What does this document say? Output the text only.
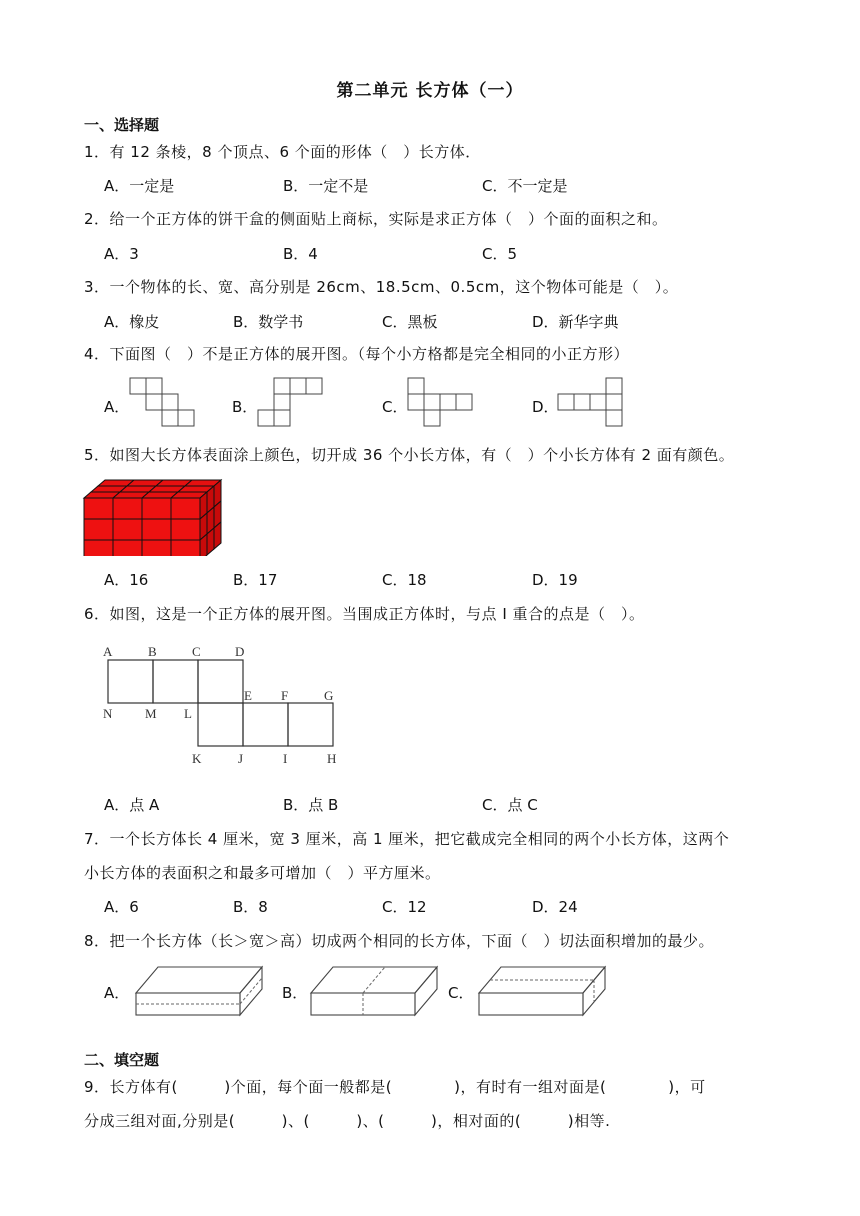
第二单元 长方体（一）
一、选择题
1．有 12 条棱，8 个顶点、6 个面的形体（　）长方体．
A．一定是	B．一定不是	C．不一定是
2．给一个正方体的饼干盒的侧面贴上商标，实际是求正方体（　）个面的面积之和。
A．3	B．4	C．5
3．一个物体的长、宽、高分别是 26cm、18.5cm、0.5cm，这个物体可能是（　）。
A．橡皮	B．数学书	C．黑板	D．新华字典
4．下面图（　）不是正方体的展开图。（每个小方格都是完全相同的小正方形）
A．	B．	C．	D．
5．如图大长方体表面涂上颜色，切开成 36 个小长方体，有（　）个小长方体有 2 面有颜色。
A．16	B．17	C．18	D．19
6．如图，这是一个正方体的展开图。当围成正方体时，与点 I 重合的点是（　）。
A	B	C	D
E F	G
N	M L
K	J	I	H
A．点 A	B．点 B	C．点 C
7．一个长方体长 4 厘米，宽 3 厘米，高 1 厘米，把它截成完全相同的两个小长方体，这两个
小长方体的表面积之和最多可增加（　）平方厘米。
A．6	B．8	C．12	D．24
8．把一个长方体（长＞宽＞高）切成两个相同的长方体，下面（　）切法面积增加的最少。
A．	B．	C．
二、填空题
9．长方体有(　　　)个面，每个面一般都是(　　　　)，有时有一组对面是(　　　　)，可
分成三组对面,分别是(　　　)、(　　　)、(　　　)，相对面的(　　　)相等.
